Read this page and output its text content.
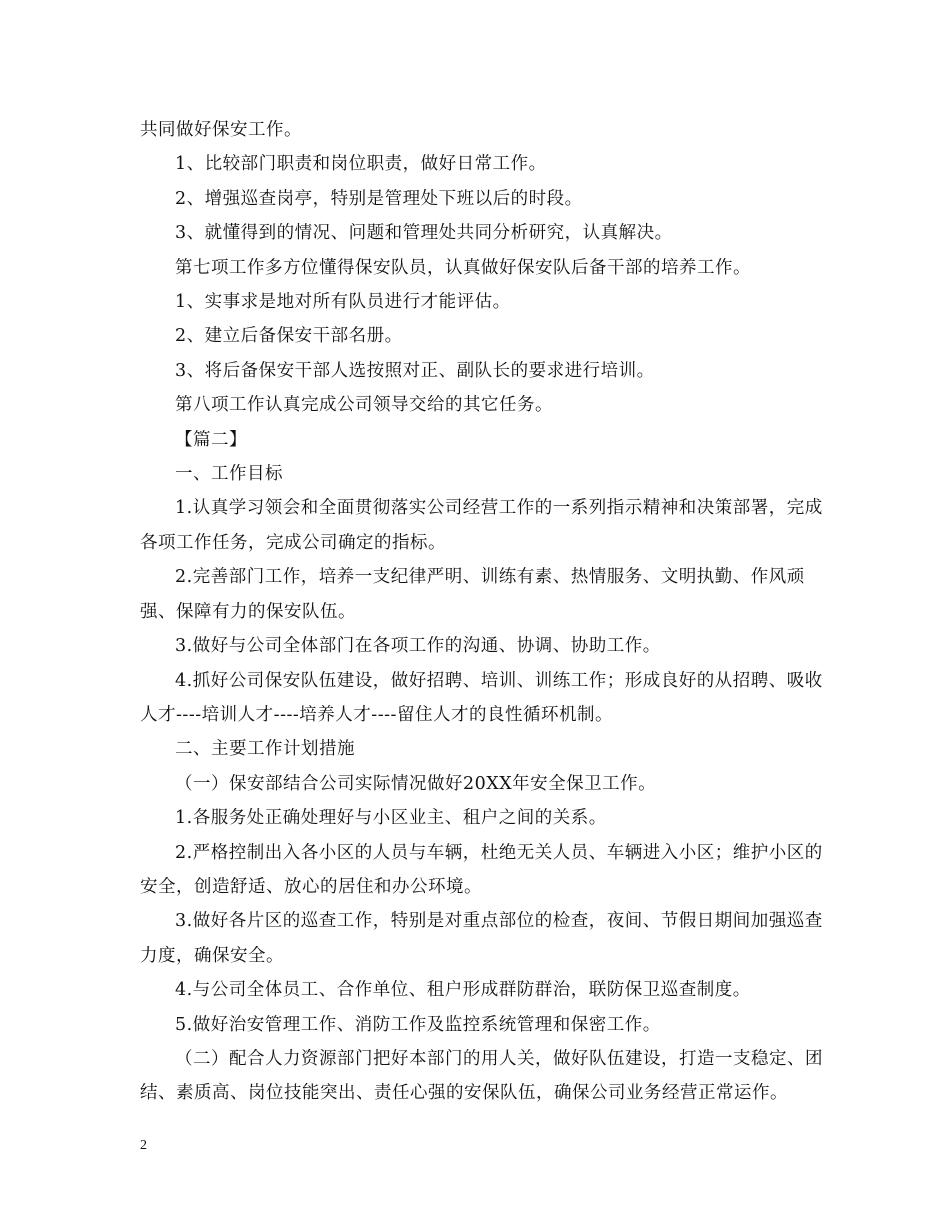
共同做好保安工作。

1、比较部门职责和岗位职责，做好日常工作。

2、增强巡查岗亭，特别是管理处下班以后的时段。

3、就懂得到的情况、问题和管理处共同分析研究，认真解决。

第七项工作多方位懂得保安队员，认真做好保安队后备干部的培养工作。

1、实事求是地对所有队员进行才能评估。

2、建立后备保安干部名册。

3、将后备保安干部人选按照对正、副队长的要求进行培训。

第八项工作认真完成公司领导交给的其它任务。

【篇二】

一、工作目标

1.认真学习领会和全面贯彻落实公司经营工作的一系列指示精神和决策部署，完成各项工作任务，完成公司确定的指标。

2.完善部门工作，培养一支纪律严明、训练有素、热情服务、文明执勤、作风顽强、保障有力的保安队伍。

3.做好与公司全体部门在各项工作的沟通、协调、协助工作。

4.抓好公司保安队伍建设，做好招聘、培训、训练工作；形成良好的从招聘、吸收人才----培训人才----培养人才----留住人才的良性循环机制。

二、主要工作计划措施

（一）保安部结合公司实际情况做好20XX年安全保卫工作。

1.各服务处正确处理好与小区业主、租户之间的关系。

2.严格控制出入各小区的人员与车辆，杜绝无关人员、车辆进入小区；维护小区的安全，创造舒适、放心的居住和办公环境。

3.做好各片区的巡查工作，特别是对重点部位的检查，夜间、节假日期间加强巡查力度，确保安全。

4.与公司全体员工、合作单位、租户形成群防群治，联防保卫巡查制度。

5.做好治安管理工作、消防工作及监控系统管理和保密工作。

（二）配合人力资源部门把好本部门的用人关，做好队伍建设，打造一支稳定、团结、素质高、岗位技能突出、责任心强的安保队伍，确保公司业务经营正常运作。

2
